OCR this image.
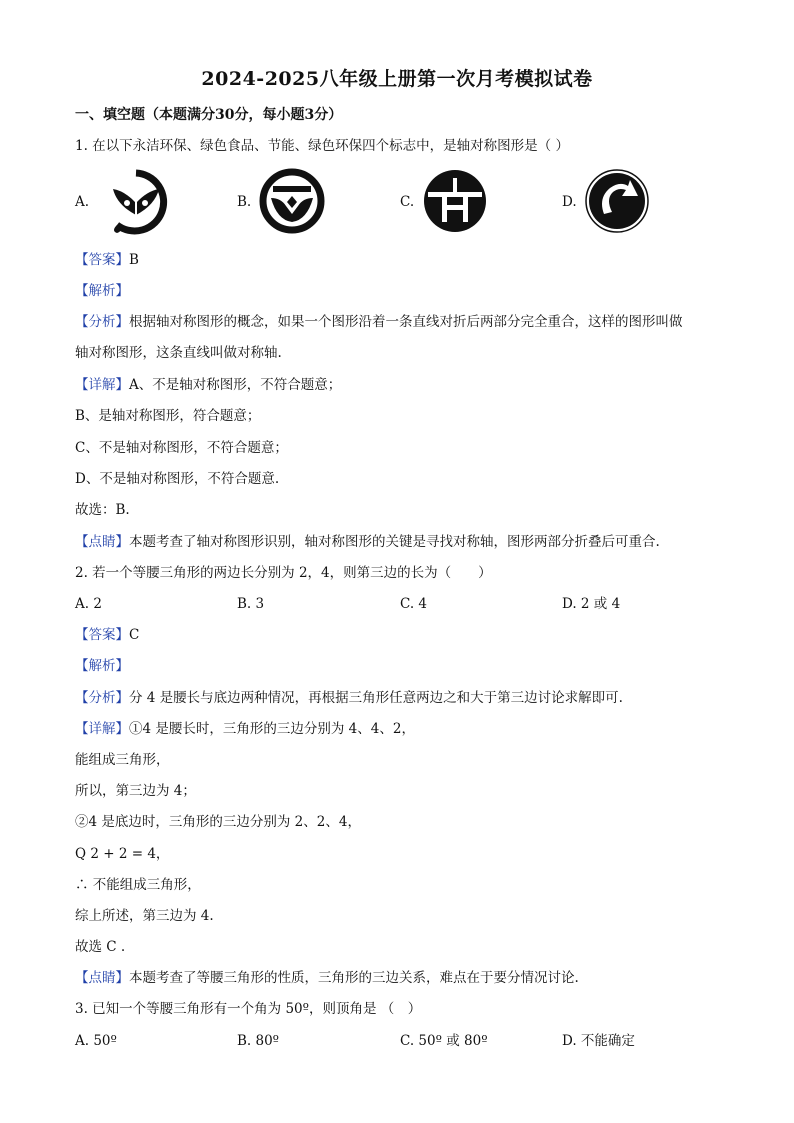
2024-2025八年级上册第一次月考模拟试卷
一、填空题（本题满分30分，每小题3分）
1. 在以下永洁环保、绿色食品、节能、绿色环保四个标志中，是轴对称图形是（ ）
A.	B.	C.	D.
【答案】B
【解析】
【分析】根据轴对称图形的概念，如果一个图形沿着一条直线对折后两部分完全重合，这样的图形叫做
轴对称图形，这条直线叫做对称轴.
【详解】A、不是轴对称图形，不符合题意；
B、是轴对称图形，符合题意；
C、不是轴对称图形，不符合题意；
D、不是轴对称图形，不符合题意.
故选：B.
【点睛】本题考查了轴对称图形识别，轴对称图形的关键是寻找对称轴，图形两部分折叠后可重合.
2. 若一个等腰三角形的两边长分别为 2，4，则第三边的长为（　　）
A. 2	B. 3	C. 4	D. 2 或 4
【答案】C
【解析】
【分析】分 4 是腰长与底边两种情况，再根据三角形任意两边之和大于第三边讨论求解即可.
【详解】①4 是腰长时，三角形的三边分别为 4、4、2，
能组成三角形，
所以，第三边为 4；
②4 是底边时，三角形的三边分别为 2、2、4，
Q 2 + 2 = 4，
∴ 不能组成三角形，
综上所述，第三边为 4.
故选 C .
【点睛】本题考查了等腰三角形的性质，三角形的三边关系，难点在于要分情况讨论.
3. 已知一个等腰三角形有一个角为 50º，则顶角是 （　）
A. 50º	B. 80º	C. 50º 或 80º	D. 不能确定
